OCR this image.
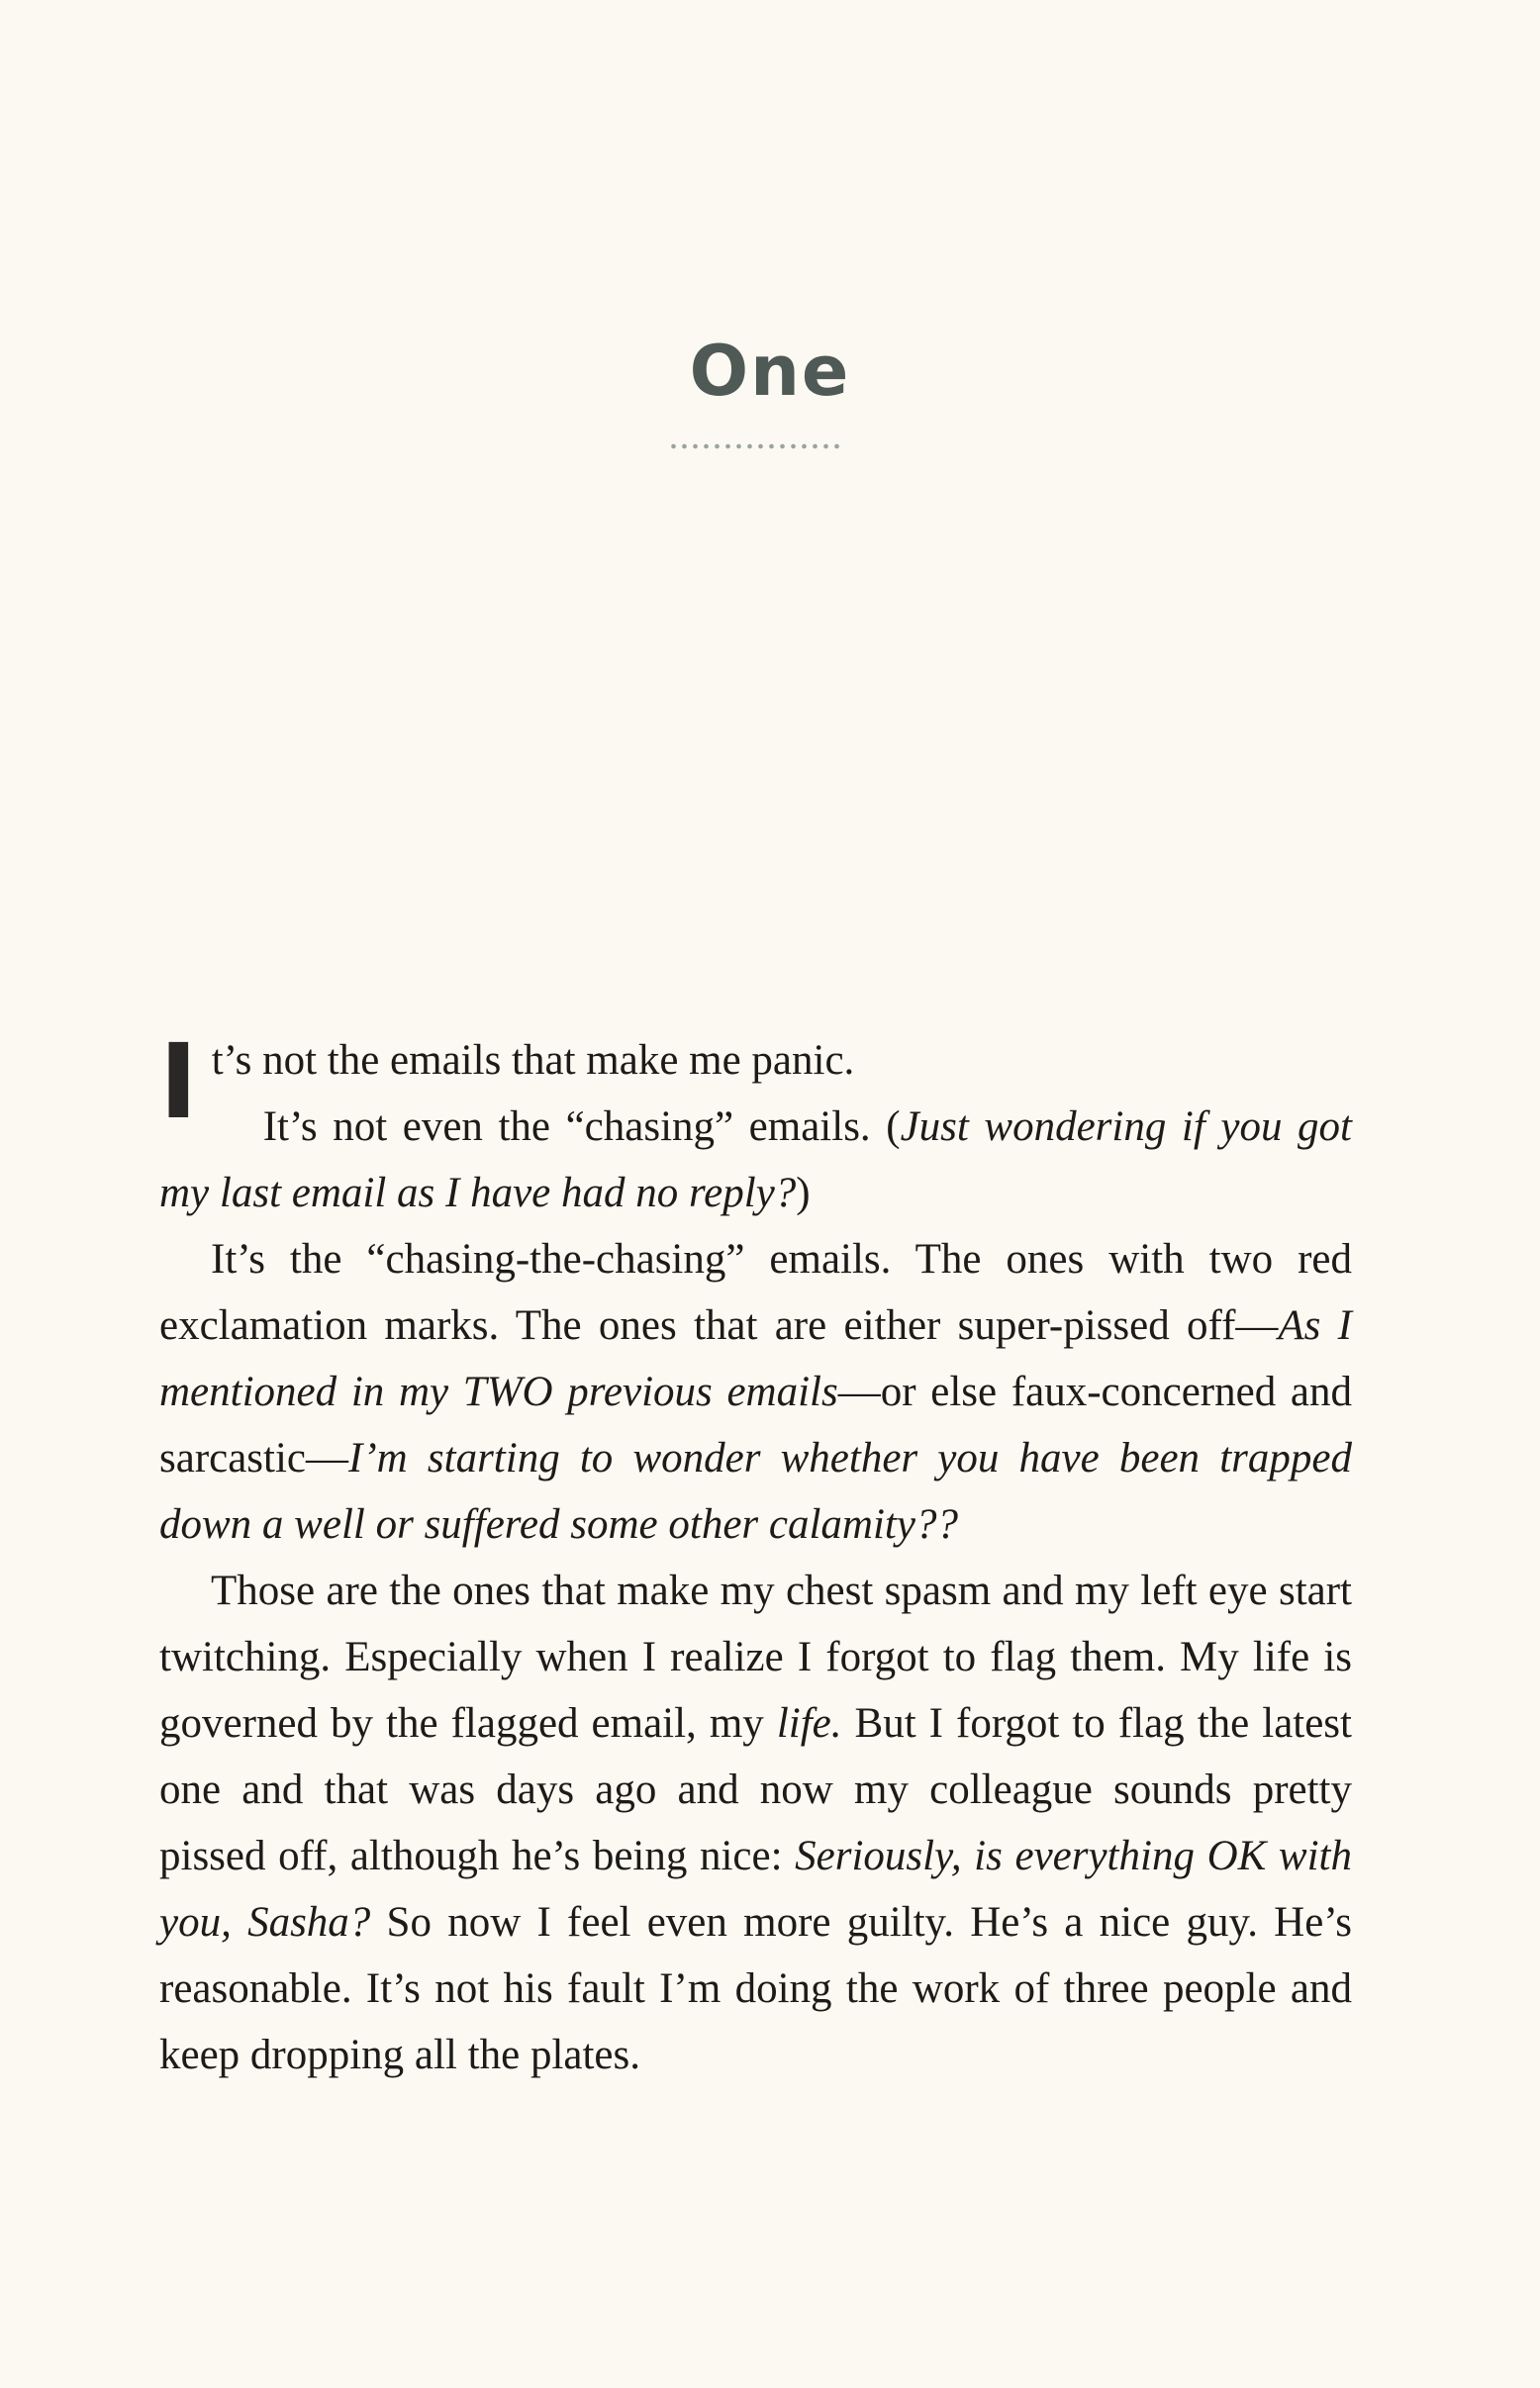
One

It’s not the emails that make me panic.

It’s not even the “chasing” emails. (Just wondering if you got my last email as I have had no reply?)

It’s the “chasing-the-chasing” emails. The ones with two red exclamation marks. The ones that are either super-pissed off—As I mentioned in my TWO previous emails—or else faux-concerned and sarcastic—I’m starting to wonder whether you have been trapped down a well or suffered some other calamity??

Those are the ones that make my chest spasm and my left eye start twitching. Especially when I realize I forgot to flag them. My life is governed by the flagged email, my life. But I forgot to flag the latest one and that was days ago and now my colleague sounds pretty pissed off, although he’s being nice: Seriously, is everything OK with you, Sasha? So now I feel even more guilty. He’s a nice guy. He’s reasonable. It’s not his fault I’m doing the work of three people and keep dropping all the plates.
